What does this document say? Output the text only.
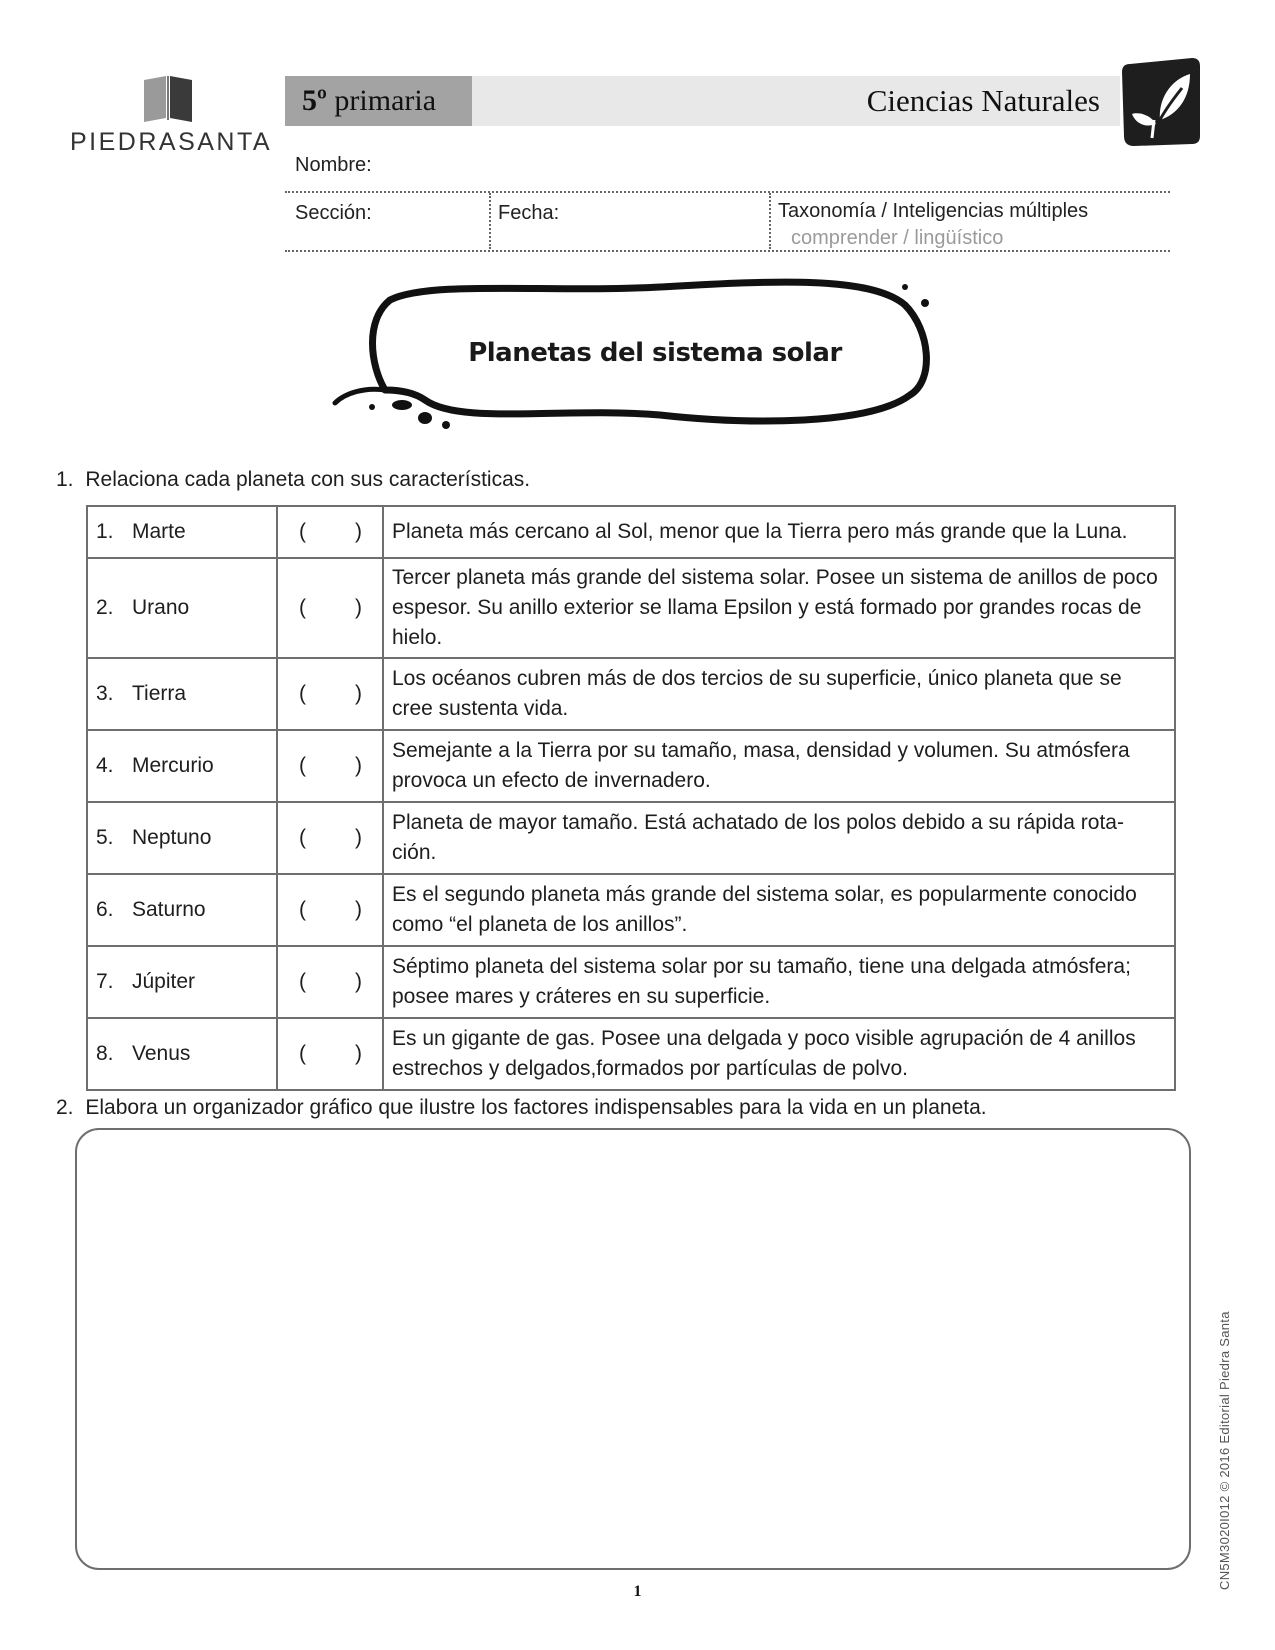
PIEDRASANTA
5º primaria	Ciencias Naturales
Nombre:
Sección:	Fecha:	Taxonomía / Inteligencias múltiples
comprender / lingüístico
Planetas del sistema solar
1. Relaciona cada planeta con sus características.
1. Marte	( )	Planeta más cercano al Sol, menor que la Tierra pero más grande que la Luna.
2. Urano	( )	Tercer planeta más grande del sistema solar. Posee un sistema de anillos de poco espesor. Su anillo exterior se llama Epsilon y está formado por grandes rocas de hielo.
3. Tierra	( )	Los océanos cubren más de dos tercios de su superficie, único planeta que se cree sustenta vida.
4. Mercurio	( )	Semejante a la Tierra por su tamaño, masa, densidad y volumen. Su atmósfera provoca un efecto de invernadero.
5. Neptuno	( )	Planeta de mayor tamaño. Está achatado de los polos debido a su rápida rota-ción.
6. Saturno	( )	Es el segundo planeta más grande del sistema solar, es popularmente conocido como “el planeta de los anillos”.
7. Júpiter	( )	Séptimo planeta del sistema solar por su tamaño, tiene una delgada atmósfera; posee mares y cráteres en su superficie.
8. Venus	( )	Es un gigante de gas. Posee una delgada y poco visible agrupación de 4 anillos estrechos y delgados,formados por partículas de polvo.
2. Elabora un organizador gráfico que ilustre los factores indispensables para la vida en un planeta.
CN5M3020I012 © 2016 Editorial Piedra Santa
1
